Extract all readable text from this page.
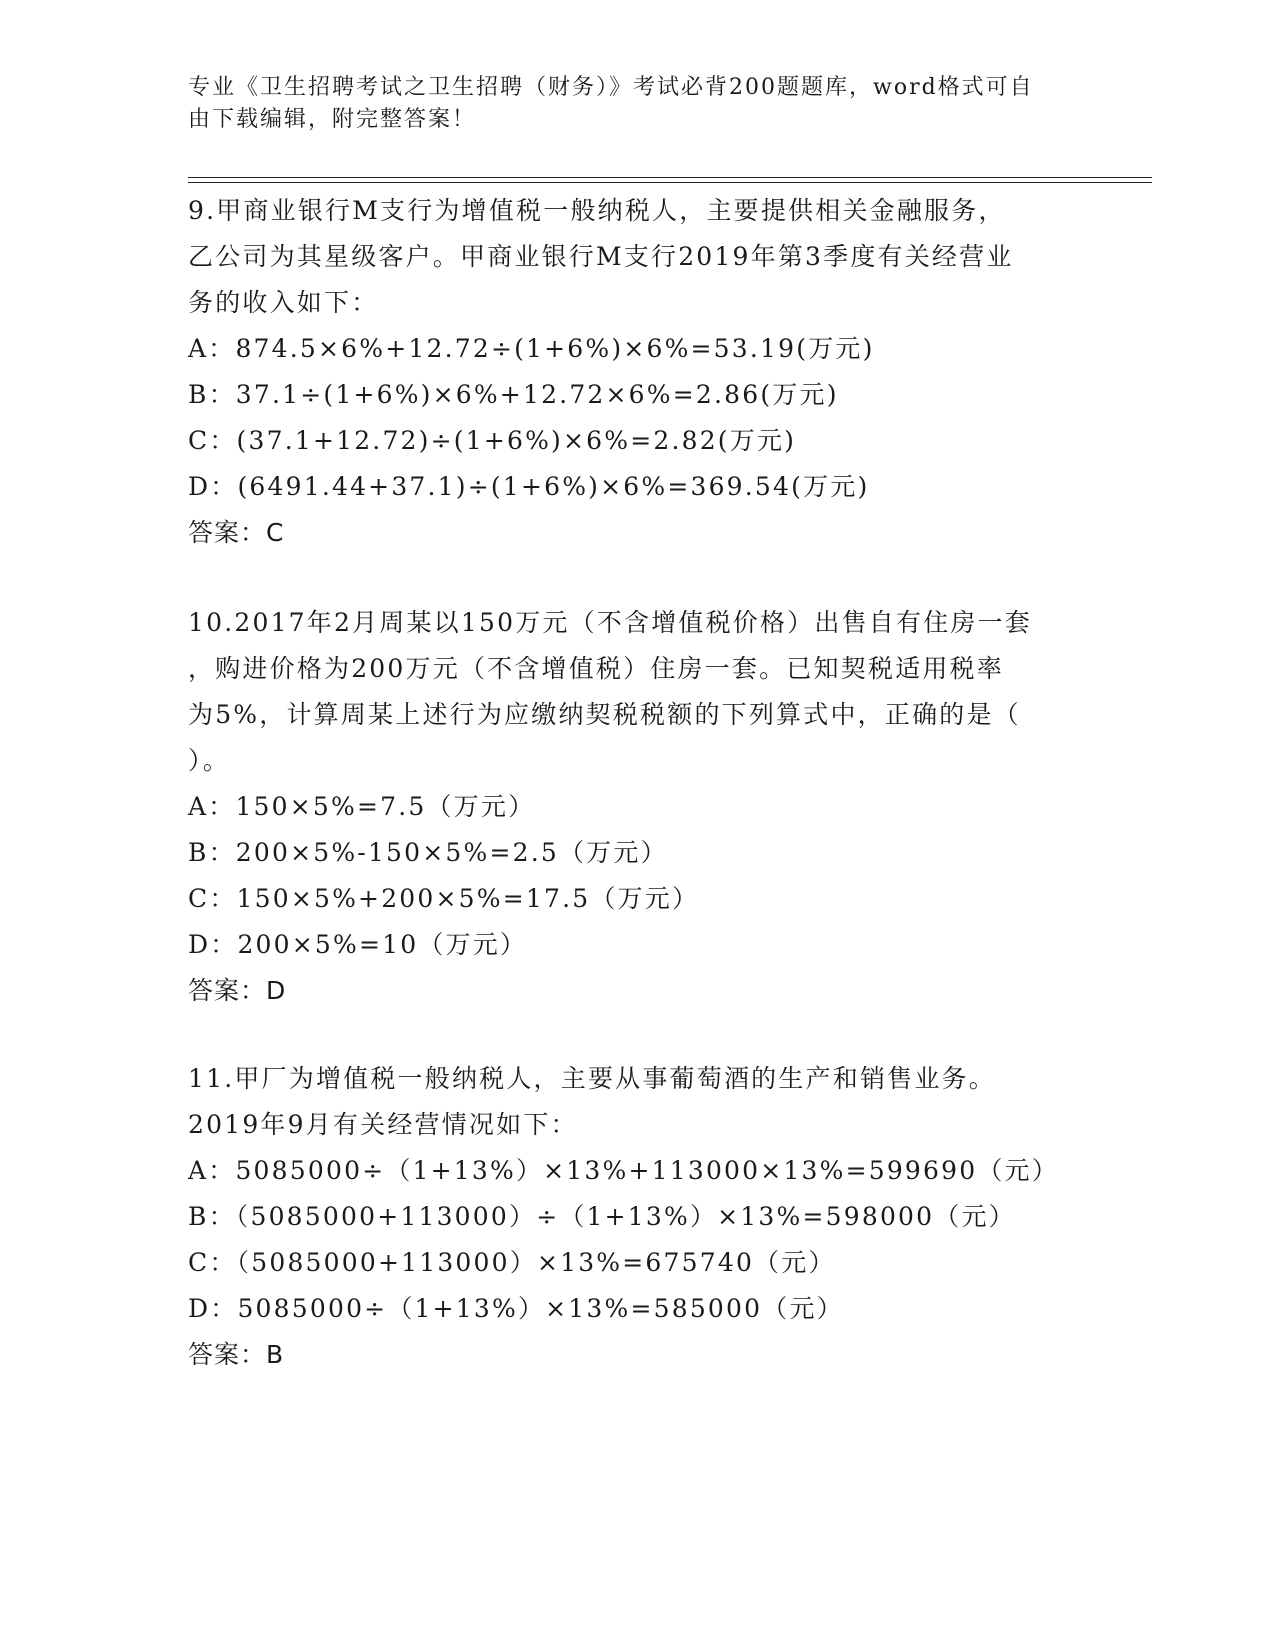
专业《卫生招聘考试之卫生招聘（财务）》考试必背200题题库，word格式可自
由下载编辑，附完整答案！
9.甲商业银行M支行为增值税一般纳税人，主要提供相关金融服务，
乙公司为其星级客户。甲商业银行M支行2019年第3季度有关经营业
务的收入如下：
A：874.5×6%+12.72÷(1+6%)×6%=53.19(万元)
B：37.1÷(1+6%)×6%+12.72×6%=2.86(万元)
C：(37.1+12.72)÷(1+6%)×6%=2.82(万元)
D：(6491.44+37.1)÷(1+6%)×6%=369.54(万元)
答案：C
10.2017年2月周某以150万元（不含增值税价格）出售自有住房一套
，购进价格为200万元（不含增值税）住房一套。已知契税适用税率
为5%，计算周某上述行为应缴纳契税税额的下列算式中，正确的是（
）。
A：150×5%=7.5（万元）
B：200×5%-150×5%=2.5（万元）
C：150×5%+200×5%=17.5（万元）
D：200×5%=10（万元）
答案：D
11.甲厂为增值税一般纳税人，主要从事葡萄酒的生产和销售业务。
2019年9月有关经营情况如下：
A：5085000÷（1+13%）×13%+113000×13%=599690（元）
B：（5085000+113000）÷（1+13%）×13%=598000（元）
C：（5085000+113000）×13%=675740（元）
D：5085000÷（1+13%）×13%=585000（元）
答案：B
